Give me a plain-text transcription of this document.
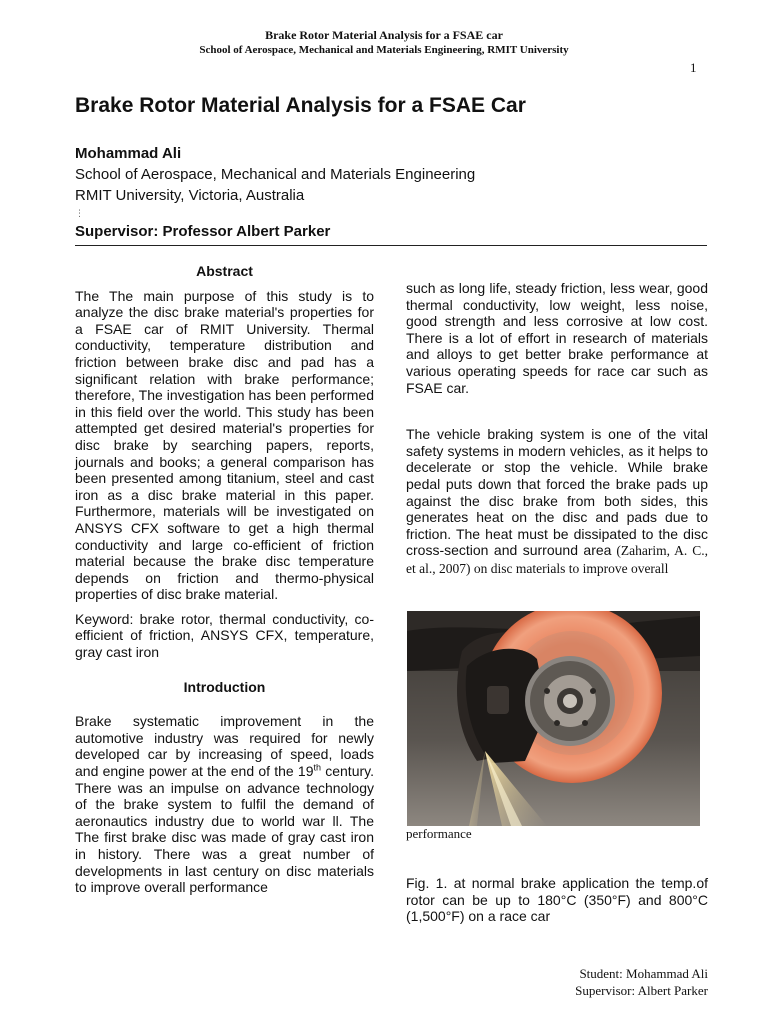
Brake Rotor Material Analysis for a FSAE car
School of Aerospace, Mechanical and Materials Engineering, RMIT University
1
Brake Rotor Material Analysis for a FSAE Car
Mohammad Ali
School of Aerospace, Mechanical and Materials Engineering
RMIT University, Victoria, Australia
⋮
Supervisor: Professor Albert Parker

Abstract

The The main purpose of this study is to analyze the disc brake material's properties for a FSAE car of RMIT University. Thermal conductivity, temperature distribution and friction between brake disc and pad has a significant relation with brake performance; therefore, The investigation has been performed in this field over the world. This study has been attempted get desired material's properties for disc brake by searching papers, reports, journals and books; a general comparison has been presented among titanium, steel and cast iron as a disc brake material in this paper. Furthermore, materials will be investigated on ANSYS CFX software to get a high thermal conductivity and large co-efficient of friction material because the brake disc temperature depends on friction and thermo-physical properties of disc brake material.

Keyword: brake rotor, thermal conductivity, co-efficient of friction, ANSYS CFX, temperature, gray cast iron

Introduction

Brake systematic improvement in the automotive industry was required for newly developed car by increasing of speed, loads and engine power at the end of the 19th century. There was an impulse on advance technology of the brake system to fulfil the demand of aeronautics industry due to world war ll. The The first brake disc was made of gray cast iron in history. There was a great number of developments in last century on disc materials to improve overall performance

such as long life, steady friction, less wear, good thermal conductivity, low weight, less noise, good strength and less corrosive at low cost. There is a lot of effort in research of materials and alloys to get better brake performance at various operating speeds for race car such as FSAE car.

The vehicle braking system is one of the vital safety systems in modern vehicles, as it helps to decelerate or stop the vehicle. While brake pedal puts down that forced the brake pads up against the disc brake from both sides, this generates heat on the disc and pads due to friction. The heat must be dissipated to the disc cross-section and surround area (Zaharim, A. C., et al., 2007) on disc materials to improve overall

performance
Fig. 1. at normal brake application the temp.of rotor can be up to 180°C (350°F) and 800°C (1,500°F) on a race car
Student: Mohammad Ali
Supervisor: Albert Parker
